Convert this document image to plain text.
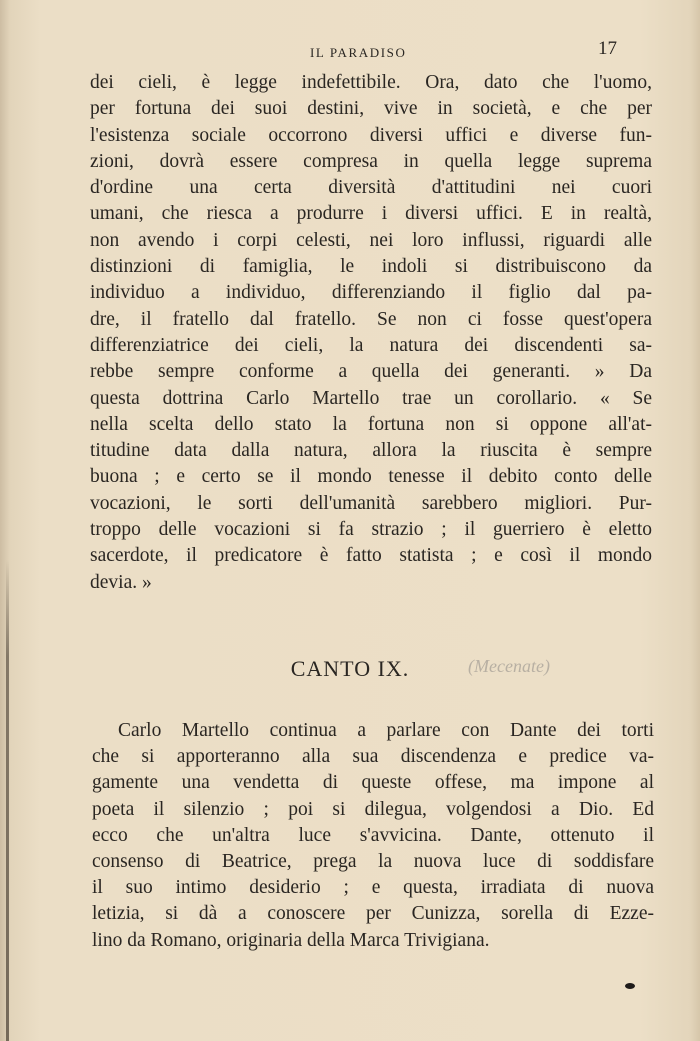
IL PARADISO	17
dei cieli, è legge indefettibile. Ora, dato che l'uomo,
per fortuna dei suoi destini, vive in società, e che per
l'esistenza sociale occorrono diversi uffici e diverse fun-
zioni, dovrà essere compresa in quella legge suprema
d'ordine una certa diversità d'attitudini nei cuori
umani, che riesca a produrre i diversi uffici. E in realtà,
non avendo i corpi celesti, nei loro influssi, riguardi alle
distinzioni di famiglia, le indoli si distribuiscono da
individuo a individuo, differenziando il figlio dal pa-
dre, il fratello dal fratello. Se non ci fosse quest'opera
differenziatrice dei cieli, la natura dei discendenti sa-
rebbe sempre conforme a quella dei generanti. » Da
questa dottrina Carlo Martello trae un corollario. « Se
nella scelta dello stato la fortuna non si oppone all'at-
titudine data dalla natura, allora la riuscita è sempre
buona ; e certo se il mondo tenesse il debito conto delle
vocazioni, le sorti dell'umanità sarebbero migliori. Pur-
troppo delle vocazioni si fa strazio ; il guerriero è eletto
sacerdote, il predicatore è fatto statista ; e così il mondo
devia. »
CANTO IX.	(Mecenate)
Carlo Martello continua a parlare con Dante dei torti
che si apporteranno alla sua discendenza e predice va-
gamente una vendetta di queste offese, ma impone al
poeta il silenzio ; poi si dilegua, volgendosi a Dio. Ed
ecco che un'altra luce s'avvicina. Dante, ottenuto il
consenso di Beatrice, prega la nuova luce di soddisfare
il suo intimo desiderio ; e questa, irradiata di nuova
letizia, si dà a conoscere per Cunizza, sorella di Ezze-
lino da Romano, originaria della Marca Trivigiana.
